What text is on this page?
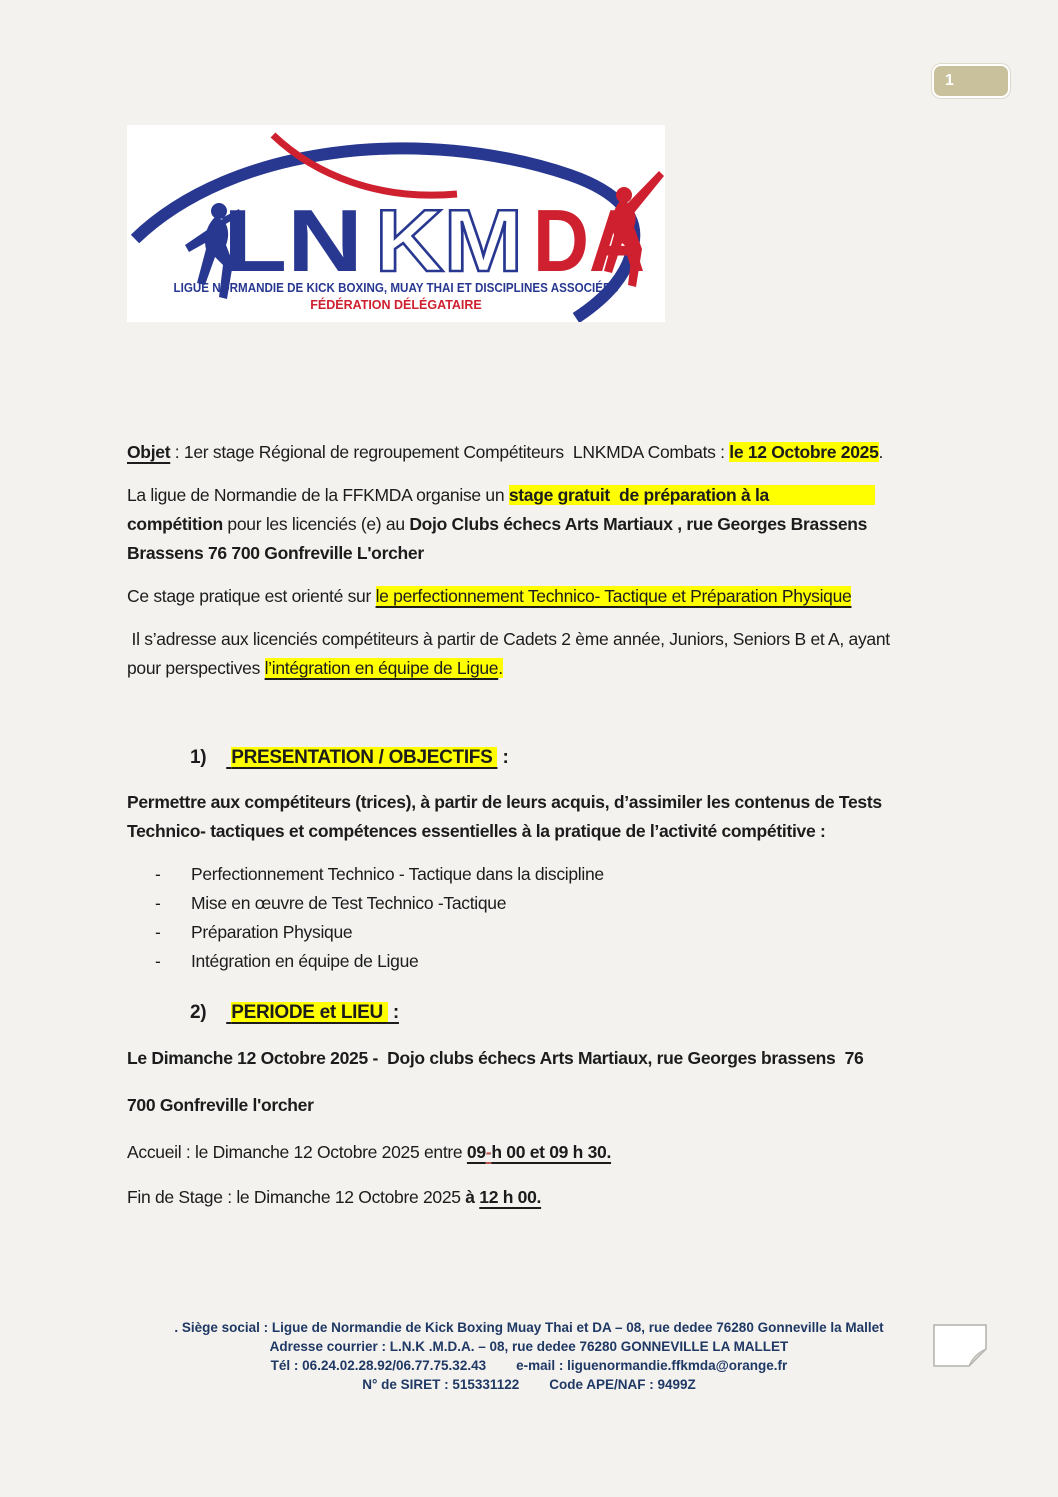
1
LN KM DA
LIGUE NORMANDIE DE KICK BOXING, MUAY THAI ET DISCIPLINES ASSOCIÉES
FÉDÉRATION DÉLÉGATAIRE
Objet : 1er stage Régional de regroupement Compétiteurs  LNKMDA Combats : le 12 Octobre 2025.
La ligue de Normandie de la FFKMDA organise un stage gratuit  de préparation à la
compétition pour les licenciés (e) au Dojo Clubs échecs Arts Martiaux , rue Georges Brassens
Brassens 76 700 Gonfreville L'orcher
Ce stage pratique est orienté sur le perfectionnement Technico- Tactique et Préparation Physique
Il s’adresse aux licenciés compétiteurs à partir de Cadets 2 ème année, Juniors, Seniors B et A, ayant
pour perspectives l’intégration en équipe de Ligue.
1) PRESENTATION / OBJECTIFS  :
Permettre aux compétiteurs (trices), à partir de leurs acquis, d’assimiler les contenus de Tests
Technico- tactiques et compétences essentielles à la pratique de l’activité compétitive :
-	Perfectionnement Technico - Tactique dans la discipline
-	Mise en œuvre de Test Technico -Tactique
-	Préparation Physique
-	Intégration en équipe de Ligue
2) PERIODE et LIEU  :
Le Dimanche 12 Octobre 2025 -  Dojo clubs échecs Arts Martiaux, rue Georges brassens  76
700 Gonfreville l'orcher
Accueil : le Dimanche 12 Octobre 2025 entre 09-h 00 et 09 h 30.
Fin de Stage : le Dimanche 12 Octobre 2025 à 12 h 00.
. Siège social : Ligue de Normandie de Kick Boxing Muay Thai et DA – 08, rue dedee 76280 Gonneville la Mallet
Adresse courrier : L.N.K .M.D.A. – 08, rue dedee 76280 GONNEVILLE LA MALLET
Tél : 06.24.02.28.92/06.77.75.32.43        e-mail : liguenormandie.ffkmda@orange.fr
N° de SIRET : 515331122        Code APE/NAF : 9499Z
